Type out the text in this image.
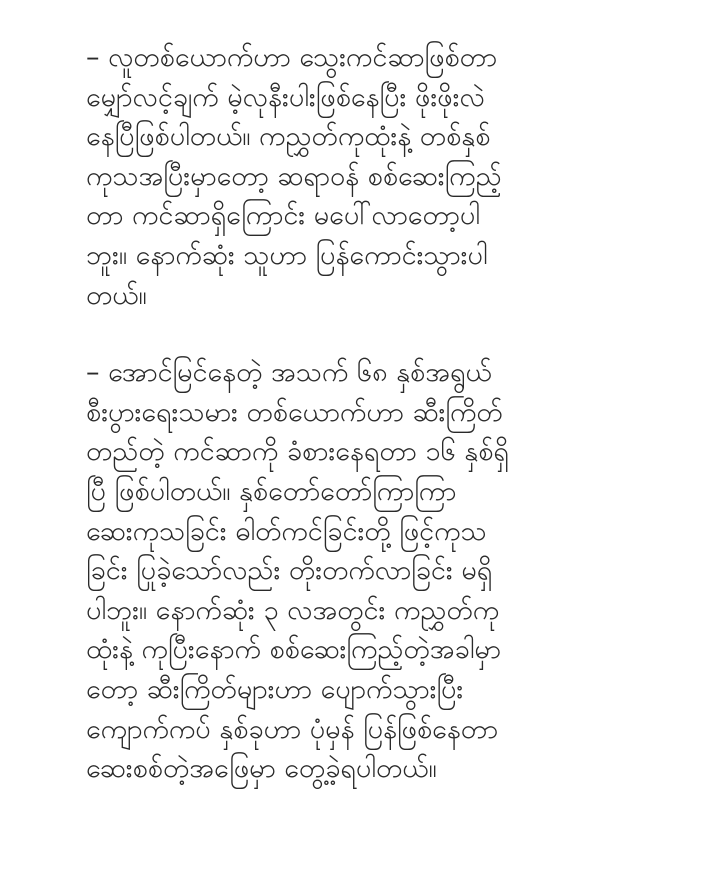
– လူတစ်ယောက်ဟာ သွေးကင်ဆာဖြစ်တာ
မျှော်လင့်ချက် မဲ့လုနီးပါးဖြစ်နေပြီး ဖိုးဖိုးလဲ
နေပြီဖြစ်ပါတယ်။ ကညွှတ်ကုထုံးနဲ့ တစ်နှစ်
ကုသအပြီးမှာတော့ ဆရာဝန် စစ်ဆေးကြည့်
တာ ကင်ဆာရှိကြောင်း မပေါ်လာတော့ပါ
ဘူး။ နောက်ဆုံး သူဟာ ပြန်ကောင်းသွားပါ
တယ်။

– အောင်မြင်နေတဲ့ အသက် ၆၈ နှစ်အရွယ်
စီးပွားရေးသမား တစ်ယောက်ဟာ ဆီးကြိတ်
တည်တဲ့ ကင်ဆာကို ခံစားနေရတာ ၁၆ နှစ်ရှိ
ပြီ ဖြစ်ပါတယ်။ နှစ်တော်တော်ကြာကြာ
ဆေးကုသခြင်း ဓါတ်ကင်ခြင်းတို့ ဖြင့်ကုသ
ခြင်း ပြုခဲ့သော်လည်း တိုးတက်လာခြင်း မရှိ
ပါဘူး။ နောက်ဆုံး ၃ လအတွင်း ကညွှတ်ကု
ထုံးနဲ့ ကုပြီးနောက် စစ်ဆေးကြည့်တဲ့အခါမှာ
တော့ ဆီးကြိတ်များဟာ ပျောက်သွားပြီး
ကျောက်ကပ် နှစ်ခုဟာ ပုံမှန် ပြန်ဖြစ်နေတာ
ဆေးစစ်တဲ့အဖြေမှာ တွေ့ခဲ့ရပါတယ်။
